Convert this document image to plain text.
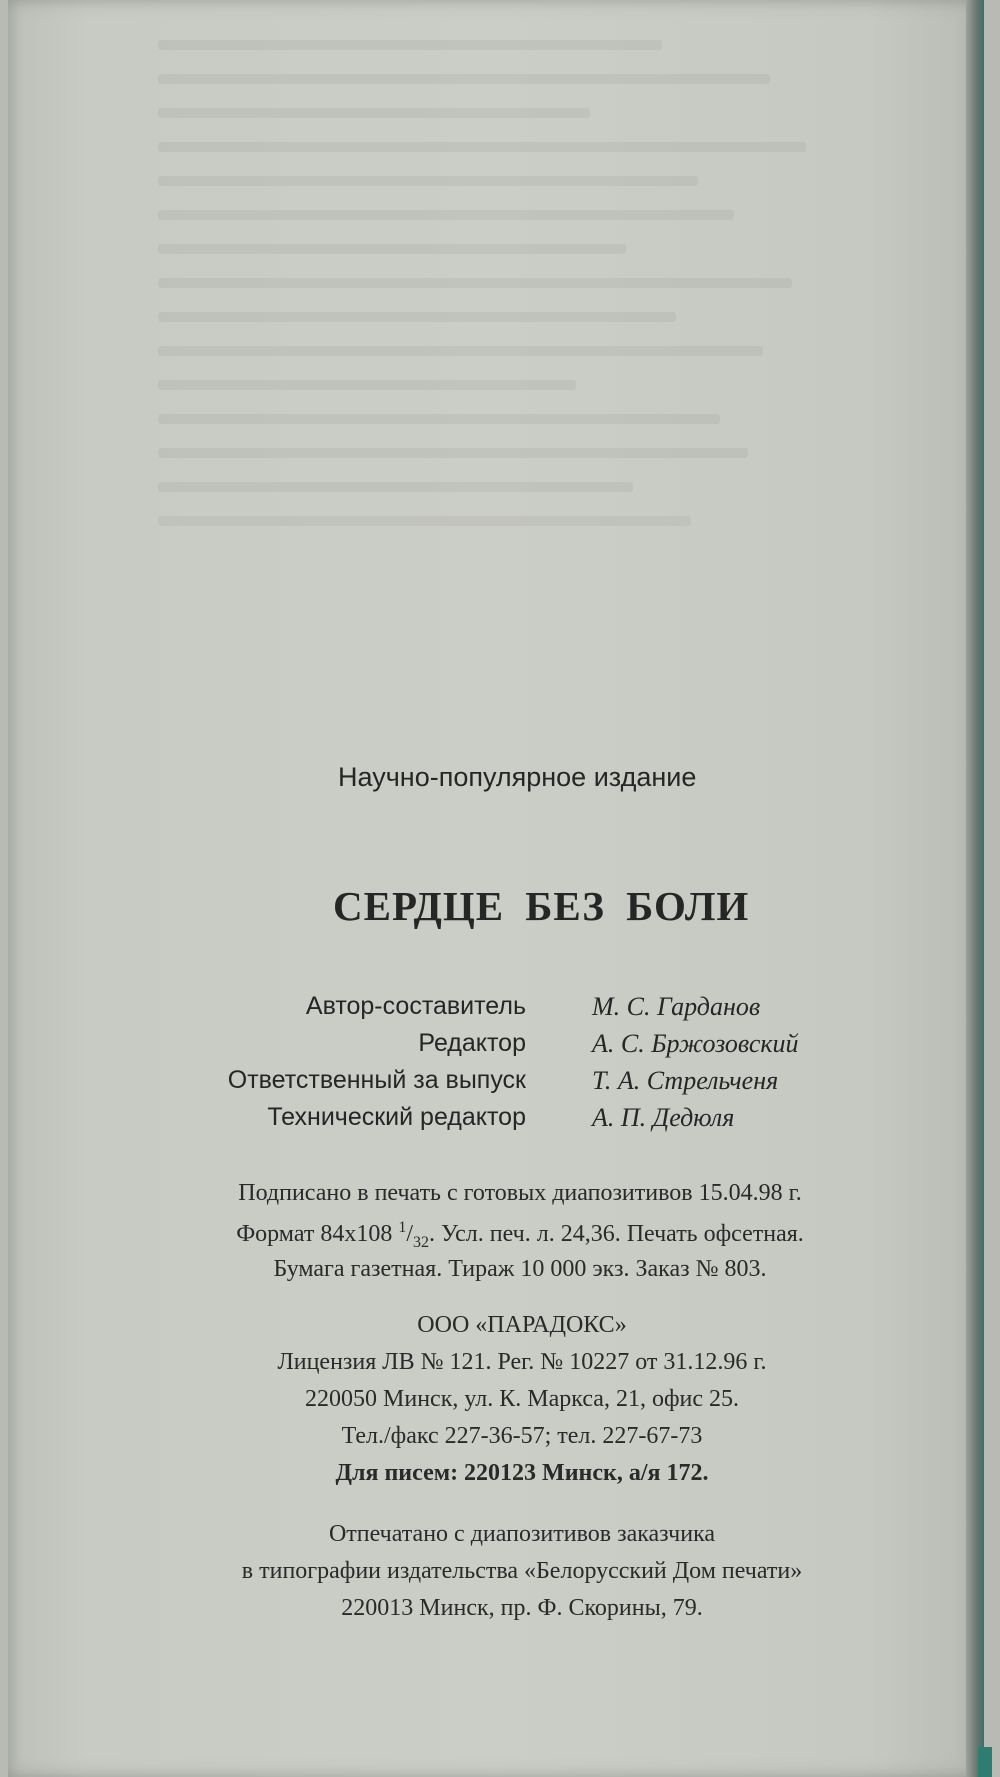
Научно-популярное издание
СЕРДЦЕ БЕЗ БОЛИ
Автор-составитель	М. С. Гарданов
Редактор	А. С. Бржозовский
Ответственный за выпуск	Т. А. Стрельченя
Технический редактор	А. П. Дедюля
Подписано в печать с готовых диапозитивов 15.04.98 г.
Формат 84x108 $^1/_{32}$. Усл. печ. л. 24,36. Печать офсетная.
Бумага газетная. Тираж 10 000 экз. Заказ № 803.
ООО «ПАРАДОКС»
Лицензия ЛВ № 121. Рег. № 10227 от 31.12.96 г.
220050 Минск, ул. К. Маркса, 21, офис 25.
Тел./факс 227-36-57; тел. 227-67-73
Для писем: 220123 Минск, а/я 172.
Отпечатано с диапозитивов заказчика
в типографии издательства «Белорусский Дом печати»
220013 Минск, пр. Ф. Скорины, 79.
